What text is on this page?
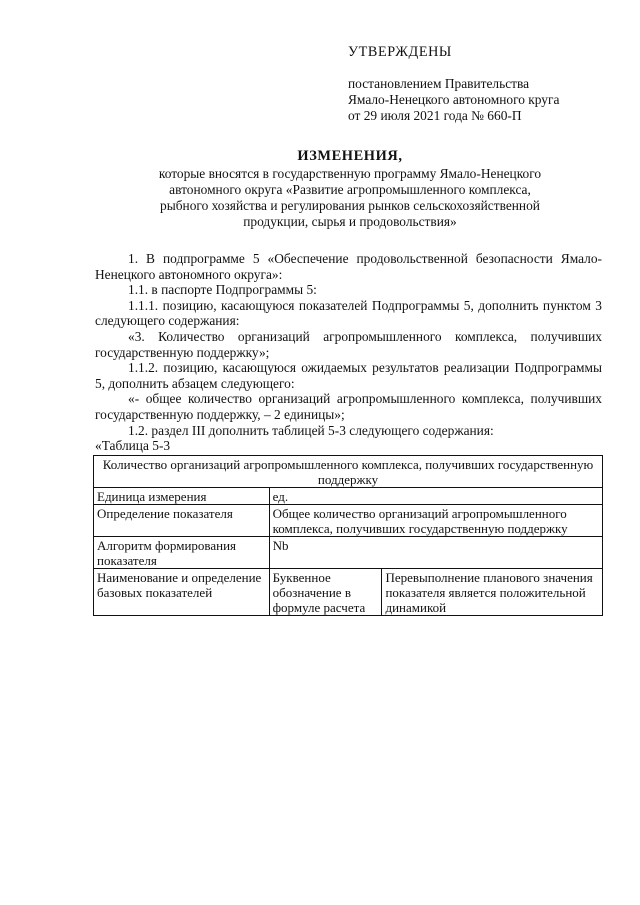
УТВЕРЖДЕНЫ
постановлением Правительства
Ямало-Ненецкого автономного круга
от 29 июля 2021 года № 660-П
ИЗМЕНЕНИЯ,
которые вносятся в государственную программу Ямало-Ненецкого
автономного округа «Развитие агропромышленного комплекса,
рыбного хозяйства и регулирования рынков сельскохозяйственной
продукции, сырья и продовольствия»

1. В подпрограмме 5 «Обеспечение продовольственной безопасности Ямало-Ненецкого автономного округа»:

1.1. в паспорте Подпрограммы 5:

1.1.1. позицию, касающуюся показателей Подпрограммы 5, дополнить пунктом 3 следующего содержания:

«3. Количество организаций агропромышленного комплекса, получивших государственную поддержку»;

1.1.2. позицию, касающуюся ожидаемых результатов реализации Подпрограммы 5, дополнить абзацем следующего:

«- общее количество организаций агропромышленного комплекса, получивших государственную поддержку, – 2 единицы»;

1.2. раздел III дополнить таблицей 5-3 следующего содержания:

«Таблица 5-3

Количество организаций агропромышленного комплекса, получивших государственную поддержку		
Единица измерения	ед.	
Определение показателя	Общее количество организаций агропромышленного комплекса, получивших государственную поддержку	
Алгоритм формирования показателя	Nb	
Наименование и определение базовых показателей	Буквенное обозначение в формуле расчета	Перевыполнение планового значения показателя является положительной динамикой
